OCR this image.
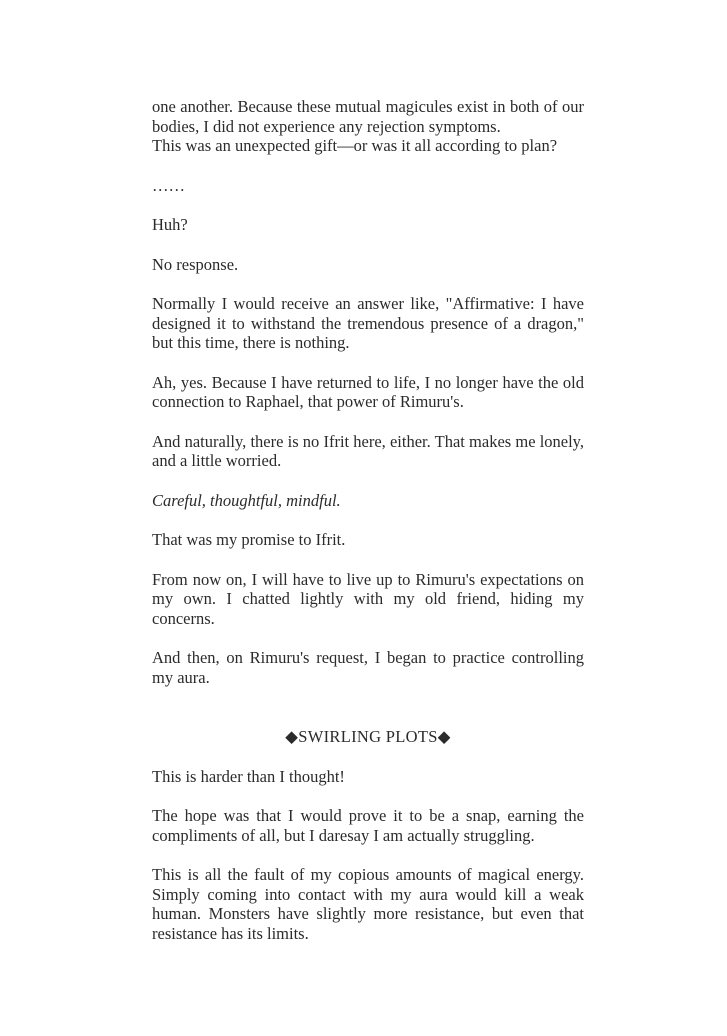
one another. Because these mutual magicules exist in both of our bodies, I did not experience any rejection symptoms.

This was an unexpected gift—or was it all according to plan?

……

Huh?

No response.

Normally I would receive an answer like, "Affirmative: I have designed it to withstand the tremendous presence of a dragon," but this time, there is nothing.

Ah, yes. Because I have returned to life, I no longer have the old connection to Raphael, that power of Rimuru's.

And naturally, there is no Ifrit here, either. That makes me lonely, and a little worried.

Careful, thoughtful, mindful.

That was my promise to Ifrit.

From now on, I will have to live up to Rimuru's expectations on my own. I chatted lightly with my old friend, hiding my concerns.

And then, on Rimuru's request, I began to practice controlling my aura.

◆SWIRLING PLOTS◆

This is harder than I thought!

The hope was that I would prove it to be a snap, earning the compliments of all, but I daresay I am actually struggling.

This is all the fault of my copious amounts of magical energy. Simply coming into contact with my aura would kill a weak human. Monsters have slightly more resistance, but even that resistance has its limits.
